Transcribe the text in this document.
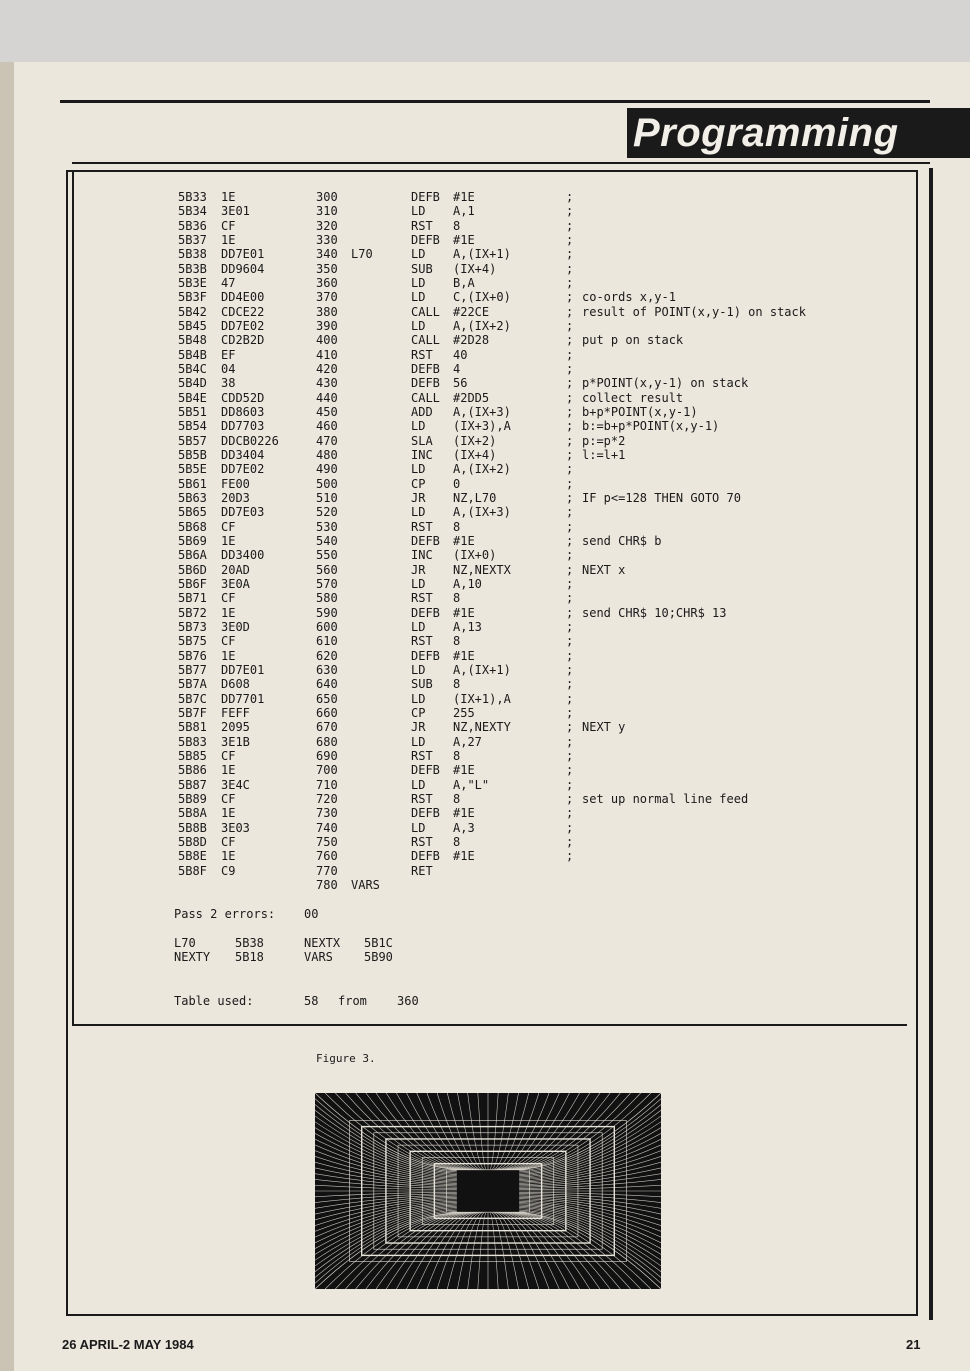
Programming
5B33 1E	300	DEFB #1E	;
5B34 3E01	310	LD A,1	;
5B36 CF	320	RST 8	;
5B37 1E	330	DEFB #1E	;
5B38 DD7E01	340 L70	LD A,(IX+1)	;
5B3B DD9604	350	SUB (IX+4)	;
5B3E 47	360	LD B,A	;
5B3F DD4E00	370	LD C,(IX+0)	; co-ords x,y-1
5B42 CDCE22	380	CALL #22CE	; result of POINT(x,y-1) on stack
5B45 DD7E02	390	LD A,(IX+2)	;
5B48 CD2B2D	400	CALL #2D28	; put p on stack
5B4B EF	410	RST 40	;
5B4C 04	420	DEFB 4	;
5B4D 38	430	DEFB 56	; p*POINT(x,y-1) on stack
5B4E CDD52D	440	CALL #2DD5	; collect result
5B51 DD8603	450	ADD A,(IX+3)	; b+p*POINT(x,y-1)
5B54 DD7703	460	LD (IX+3),A	; b:=b+p*POINT(x,y-1)
5B57 DDCB0226	470	SLA (IX+2)	; p:=p*2
5B5B DD3404	480	INC (IX+4)	; l:=l+1
5B5E DD7E02	490	LD A,(IX+2)	;
5B61 FE00	500	CP 0	;
5B63 20D3	510	JR NZ,L70	; IF p<=128 THEN GOTO 70
5B65 DD7E03	520	LD A,(IX+3)	;
5B68 CF	530	RST 8	;
5B69 1E	540	DEFB #1E	; send CHR$ b
5B6A DD3400	550	INC (IX+0)	;
5B6D 20AD	560	JR NZ,NEXTX	; NEXT x
5B6F 3E0A	570	LD A,10	;
5B71 CF	580	RST 8	;
5B72 1E	590	DEFB #1E	; send CHR$ 10;CHR$ 13
5B73 3E0D	600	LD A,13	;
5B75 CF	610	RST 8	;
5B76 1E	620	DEFB #1E	;
5B77 DD7E01	630	LD A,(IX+1)	;
5B7A D608	640	SUB 8	;
5B7C DD7701	650	LD (IX+1),A	;
5B7F FEFF	660	CP 255	;
5B81 2095	670	JR NZ,NEXTY	; NEXT y
5B83 3E1B	680	LD A,27	;
5B85 CF	690	RST 8	;
5B86 1E	700	DEFB #1E	;
5B87 3E4C	710	LD A,"L"	;
5B89 CF	720	RST 8	; set up normal line feed
5B8A 1E	730	DEFB #1E	;
5B8B 3E03	740	LD A,3	;
5B8D CF	750	RST 8	;
5B8E 1E	760	DEFB #1E	;
5B8F C9	770	RET
780 VARS
Pass 2 errors: 00
L70	5B38	NEXTX 5B1C
NEXTY 5B18	VARS	5B90
Table used:	58 from	360
Figure 3.
26 APRIL-2 MAY 1984	21
